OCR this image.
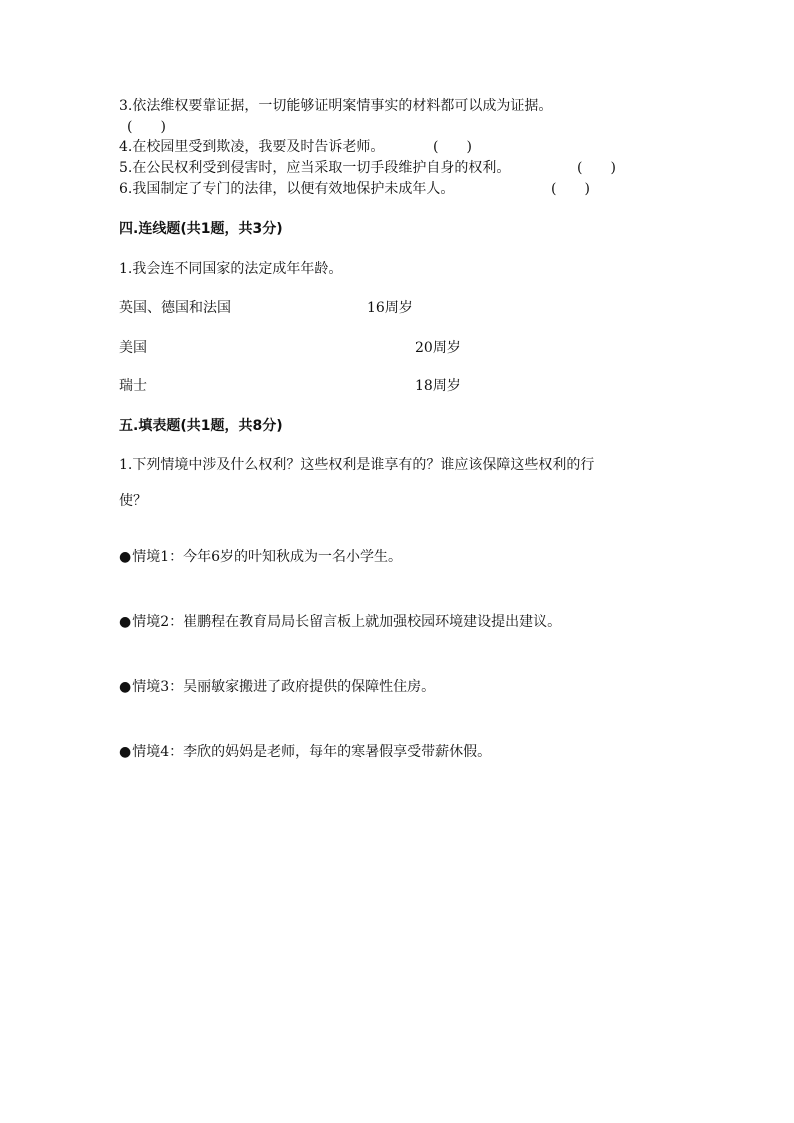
3.依法维权要靠证据，一切能够证明案情事实的材料都可以成为证据。
(　　)
4.在校园里受到欺凌，我要及时告诉老师。	(　　)
5.在公民权利受到侵害时，应当采取一切手段维护自身的权利。	(　　)
6.我国制定了专门的法律，以便有效地保护未成年人。	(　　)
四.连线题(共1题，共3分)
1.我会连不同国家的法定成年年龄。
英国、德国和法国	16周岁
美国	20周岁
瑞士	18周岁
五.填表题(共1题，共8分)
1.下列情境中涉及什么权利？这些权利是谁享有的？谁应该保障这些权利的行
使？
●情境1：今年6岁的叶知秋成为一名小学生。
●情境2：崔鹏程在教育局局长留言板上就加强校园环境建设提出建议。
●情境3：吴丽敏家搬进了政府提供的保障性住房。
●情境4：李欣的妈妈是老师，每年的寒暑假享受带薪休假。
